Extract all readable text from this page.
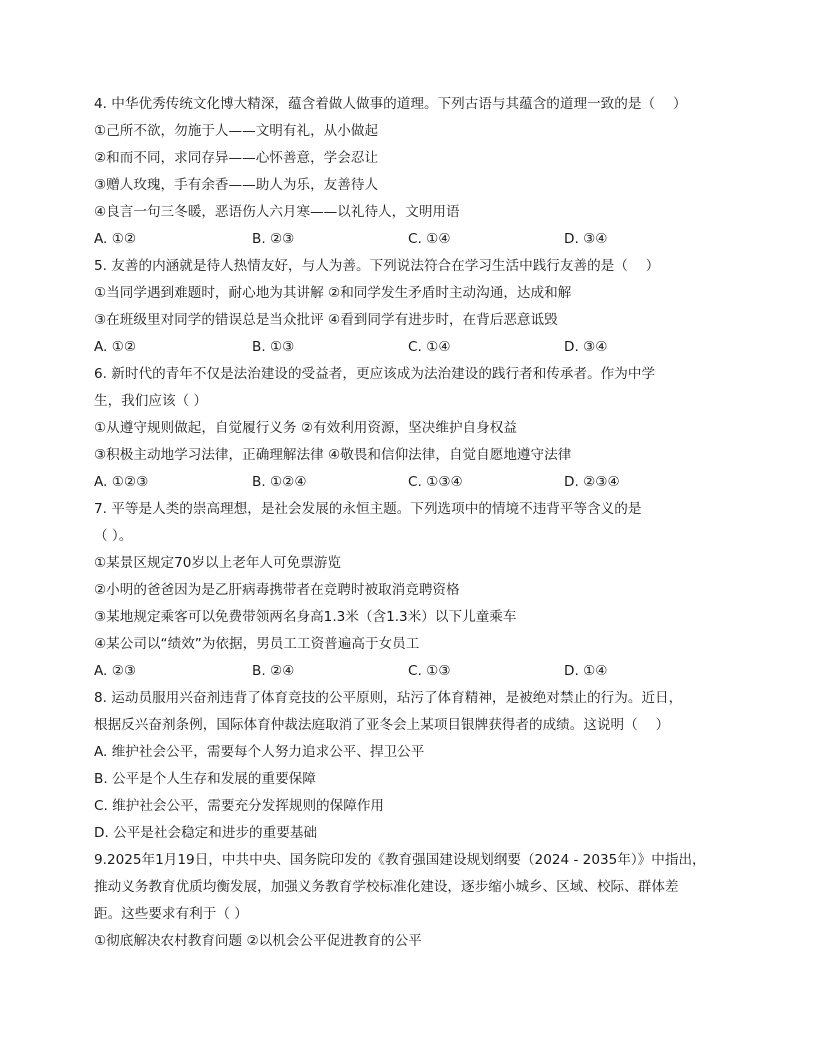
4. 中华优秀传统文化博大精深，蕴含着做人做事的道理。下列古语与其蕴含的道理一致的是（　 ）
①己所不欲，勿施于人——文明有礼，从小做起
②和而不同，求同存异——心怀善意，学会忍让
③赠人玫瑰，手有余香——助人为乐，友善待人
④良言一句三冬暖，恶语伤人六月寒——以礼待人，文明用语
A. ①②	B. ②③	C. ①④	D. ③④
5. 友善的内涵就是待人热情友好，与人为善。下列说法符合在学习生活中践行友善的是（　 ）
①当同学遇到难题时，耐心地为其讲解 ②和同学发生矛盾时主动沟通，达成和解
③在班级里对同学的错误总是当众批评 ④看到同学有进步时，在背后恶意诋毁
A. ①②	B. ①③	C. ①④	D. ③④
6. 新时代的青年不仅是法治建设的受益者，更应该成为法治建设的践行者和传承者。作为中学
生，我们应该（ ）
①从遵守规则做起，自觉履行义务 ②有效利用资源，坚决维护自身权益
③积极主动地学习法律，正确理解法律 ④敬畏和信仰法律，自觉自愿地遵守法律
A. ①②③	B. ①②④	C. ①③④	D. ②③④
7. 平等是人类的崇高理想，是社会发展的永恒主题。下列选项中的情境不违背平等含义的是
（ ）。
①某景区规定70岁以上老年人可免票游览
②小明的爸爸因为是乙肝病毒携带者在竞聘时被取消竞聘资格
③某地规定乘客可以免费带领两名身高1.3米（含1.3米）以下儿童乘车
④某公司以“绩效”为依据，男员工工资普遍高于女员工
A. ②③	B. ②④	C. ①③	D. ①④
8. 运动员服用兴奋剂违背了体育竞技的公平原则，玷污了体育精神，是被绝对禁止的行为。近日，
根据反兴奋剂条例，国际体育仲裁法庭取消了亚冬会上某项目银牌获得者的成绩。这说明（　 ）
A. 维护社会公平，需要每个人努力追求公平、捍卫公平
B. 公平是个人生存和发展的重要保障
C. 维护社会公平，需要充分发挥规则的保障作用
D. 公平是社会稳定和进步的重要基础
9.2025年1月19日，中共中央、国务院印发的《教育强国建设规划纲要（2024 - 2035年）》中指出，
推动义务教育优质均衡发展，加强义务教育学校标准化建设，逐步缩小城乡、区域、校际、群体差
距。这些要求有利于（ ）
①彻底解决农村教育问题 ②以机会公平促进教育的公平
